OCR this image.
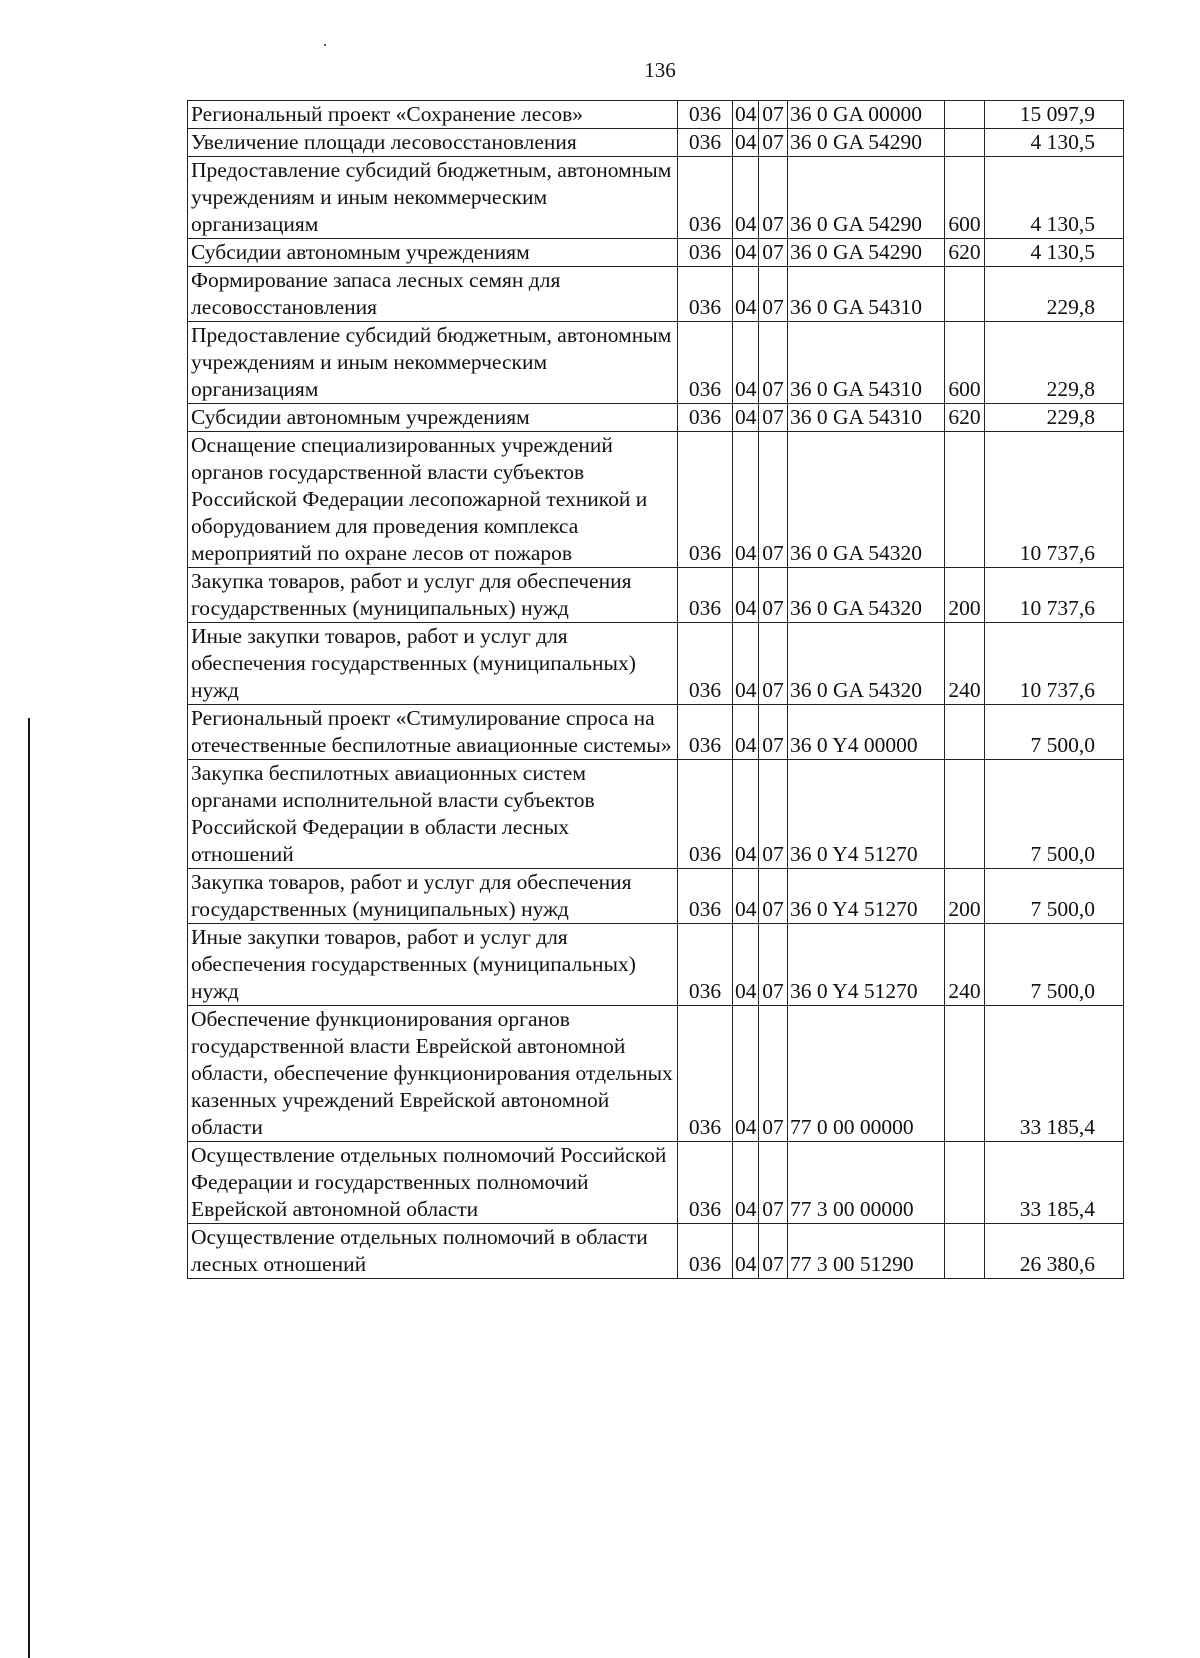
136
Региональный проект «Сохранение лесов»	036	04	07	36 0 GA 00000		15 097,9
Увеличение площади лесовосстановления	036	04	07	36 0 GA 54290		4 130,5
Предоставление субсидий бюджетным, автономным учреждениям и иным некоммерческим организациям	036	04	07	36 0 GA 54290	600	4 130,5
Субсидии автономным учреждениям	036	04	07	36 0 GA 54290	620	4 130,5
Формирование запаса лесных семян для лесовосстановления	036	04	07	36 0 GA 54310		229,8
Предоставление субсидий бюджетным, автономным учреждениям и иным некоммерческим организациям	036	04	07	36 0 GA 54310	600	229,8
Субсидии автономным учреждениям	036	04	07	36 0 GA 54310	620	229,8
Оснащение специализированных учреждений органов государственной власти субъектов Российской Федерации лесопожарной техникой и оборудованием для проведения комплекса мероприятий по охране лесов от пожаров	036	04	07	36 0 GA 54320		10 737,6
Закупка товаров, работ и услуг для обеспечения государственных (муниципальных) нужд	036	04	07	36 0 GA 54320	200	10 737,6
Иные закупки товаров, работ и услуг для обеспечения государственных (муниципальных) нужд	036	04	07	36 0 GA 54320	240	10 737,6
Региональный проект «Стимулирование спроса на отечественные беспилотные авиационные системы»	036	04	07	36 0 Y4 00000		7 500,0
Закупка беспилотных авиационных систем органами исполнительной власти субъектов Российской Федерации в области лесных отношений	036	04	07	36 0 Y4 51270		7 500,0
Закупка товаров, работ и услуг для обеспечения государственных (муниципальных) нужд	036	04	07	36 0 Y4 51270	200	7 500,0
Иные закупки товаров, работ и услуг для обеспечения государственных (муниципальных) нужд	036	04	07	36 0 Y4 51270	240	7 500,0
Обеспечение функционирования органов государственной власти Еврейской автономной области, обеспечение функционирования отдельных казенных учреждений Еврейской автономной области	036	04	07	77 0 00 00000		33 185,4
Осуществление отдельных полномочий Российской Федерации и государственных полномочий Еврейской автономной области	036	04	07	77 3 00 00000		33 185,4
Осуществление отдельных полномочий в области лесных отношений	036	04	07	77 3 00 51290		26 380,6
